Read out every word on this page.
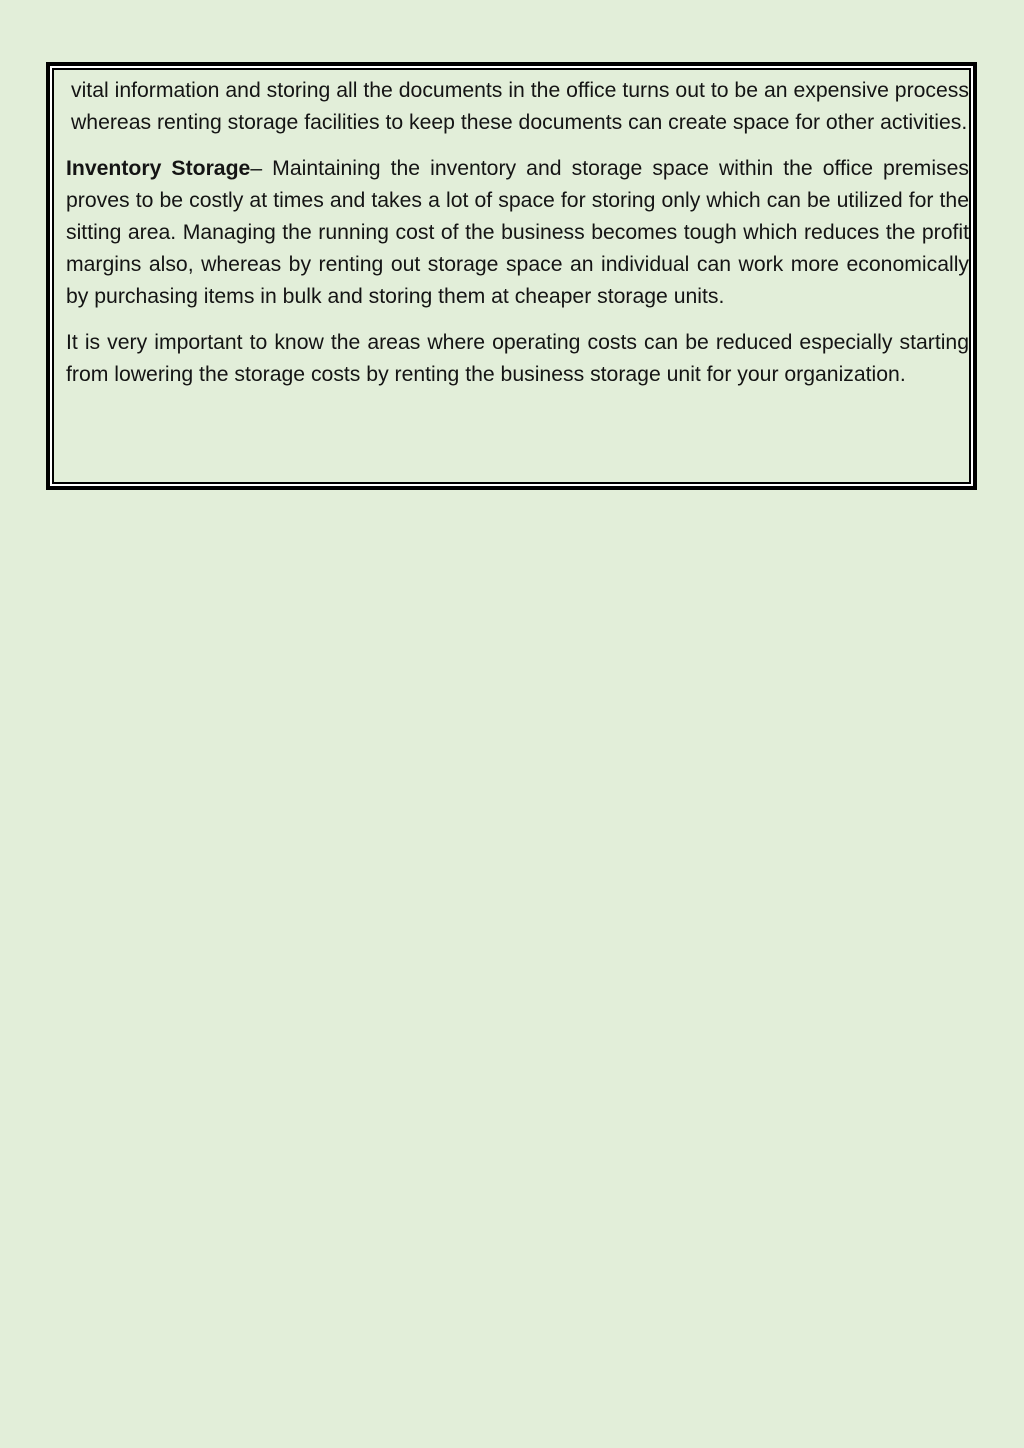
vital information and storing all the documents in the office turns out to be an expensive process whereas renting storage facilities to keep these documents can create space for other activities.

Inventory Storage– Maintaining the inventory and storage space within the office premises proves to be costly at times and takes a lot of space for storing only which can be utilized for the sitting area. Managing the running cost of the business becomes tough which reduces the profit margins also, whereas by renting out storage space an individual can work more economically by purchasing items in bulk and storing them at cheaper storage units.

It is very important to know the areas where operating costs can be reduced especially starting from lowering the storage costs by renting the business storage unit for your organization.
